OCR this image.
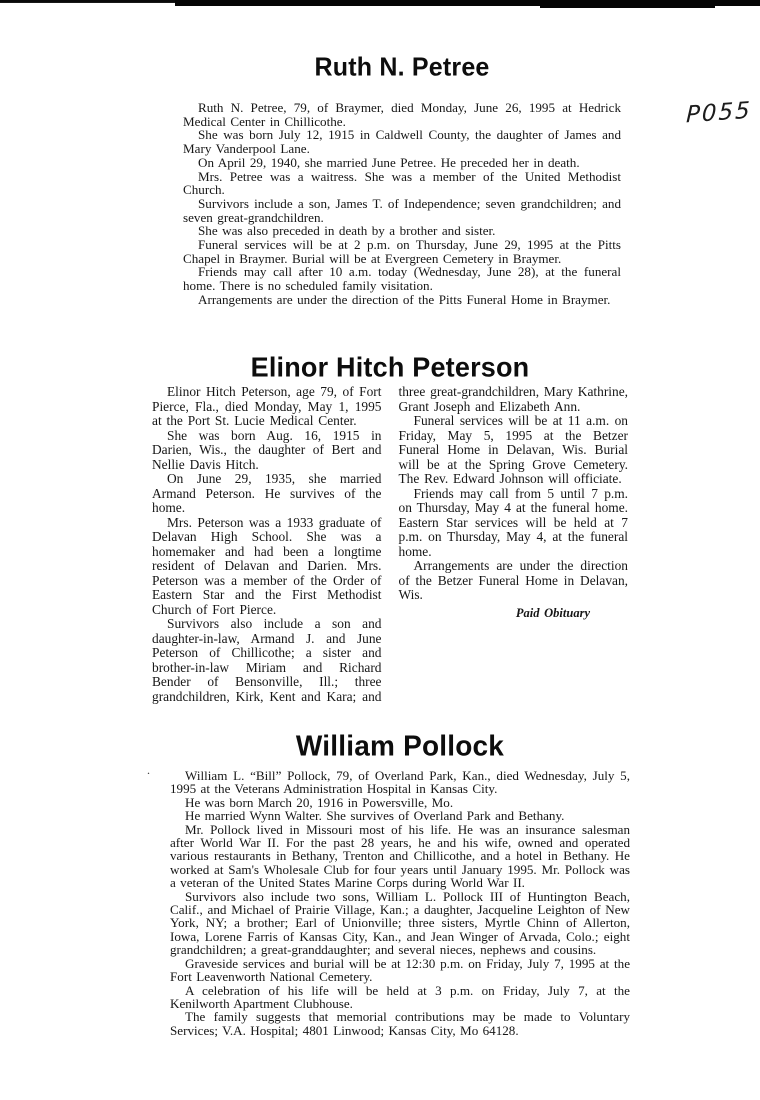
P055
Ruth N. Petree

Ruth N. Petree, 79, of Braymer, died Monday, June 26, 1995 at Hedrick Medical Center in Chillicothe.

She was born July 12, 1915 in Caldwell County, the daughter of James and Mary Vanderpool Lane.

On April 29, 1940, she married June Petree. He preceded her in death.

Mrs. Petree was a waitress. She was a member of the United Methodist Church.

Survivors include a son, James T. of Independence; seven grandchildren; and seven great-grandchildren.

She was also preceded in death by a brother and sister.

Funeral services will be at 2 p.m. on Thursday, June 29, 1995 at the Pitts Chapel in Braymer. Burial will be at Evergreen Cemetery in Braymer.

Friends may call after 10 a.m. today (Wednesday, June 28), at the funeral home. There is no scheduled family visitation.

Arrangements are under the direction of the Pitts Funeral Home in Braymer.

Elinor Hitch Peterson

Elinor Hitch Peterson, age 79, of Fort Pierce, Fla., died Monday, May 1, 1995 at the Port St. Lucie Medical Center.

She was born Aug. 16, 1915 in Darien, Wis., the daughter of Bert and Nellie Davis Hitch.

On June 29, 1935, she married Armand Peterson. He survives of the home.

Mrs. Peterson was a 1933 graduate of Delavan High School. She was a homemaker and had been a longtime resident of Delavan and Darien. Mrs. Peterson was a member of the Order of Eastern Star and the First Methodist Church of Fort Pierce.

Survivors also include a son and daughter-in-law, Armand J. and June Peterson of Chillicothe; a sister and brother-in-law Miriam and Richard Bender of Bensonville, Ill.; three grandchildren, Kirk, Kent and Kara; and three great-grandchildren, Mary Kathrine, Grant Joseph and Elizabeth Ann.

Funeral services will be at 11 a.m. on Friday, May 5, 1995 at the Betzer Funeral Home in Delavan, Wis. Burial will be at the Spring Grove Cemetery. The Rev. Edward Johnson will officiate.

Friends may call from 5 until 7 p.m. on Thursday, May 4 at the funeral home. Eastern Star services will be held at 7 p.m. on Thursday, May 4, at the funeral home.

Arrangements are under the direction of the Betzer Funeral Home in Delavan, Wis.

Paid Obituary

.
William Pollock

William L. “Bill” Pollock, 79, of Overland Park, Kan., died Wednesday, July 5, 1995 at the Veterans Administration Hospital in Kansas City.

He was born March 20, 1916 in Powersville, Mo.

He married Wynn Walter. She survives of Overland Park and Bethany.

Mr. Pollock lived in Missouri most of his life. He was an insurance salesman after World War II. For the past 28 years, he and his wife, owned and operated various restaurants in Bethany, Trenton and Chillicothe, and a hotel in Bethany. He worked at Sam's Wholesale Club for four years until January 1995. Mr. Pollock was a veteran of the United States Marine Corps during World War II.

Survivors also include two sons, William L. Pollock III of Huntington Beach, Calif., and Michael of Prairie Village, Kan.; a daughter, Jacqueline Leighton of New York, NY; a brother; Earl of Unionville; three sisters, Myrtle Chinn of Allerton, Iowa, Lorene Farris of Kansas City, Kan., and Jean Winger of Arvada, Colo.; eight grandchildren; a great-granddaughter; and several nieces, nephews and cousins.

Graveside services and burial will be at 12:30 p.m. on Friday, July 7, 1995 at the Fort Leavenworth National Cemetery.

A celebration of his life will be held at 3 p.m. on Friday, July 7, at the Kenilworth Apartment Clubhouse.

The family suggests that memorial contributions may be made to Voluntary Services; V.A. Hospital; 4801 Linwood; Kansas City, Mo 64128.
